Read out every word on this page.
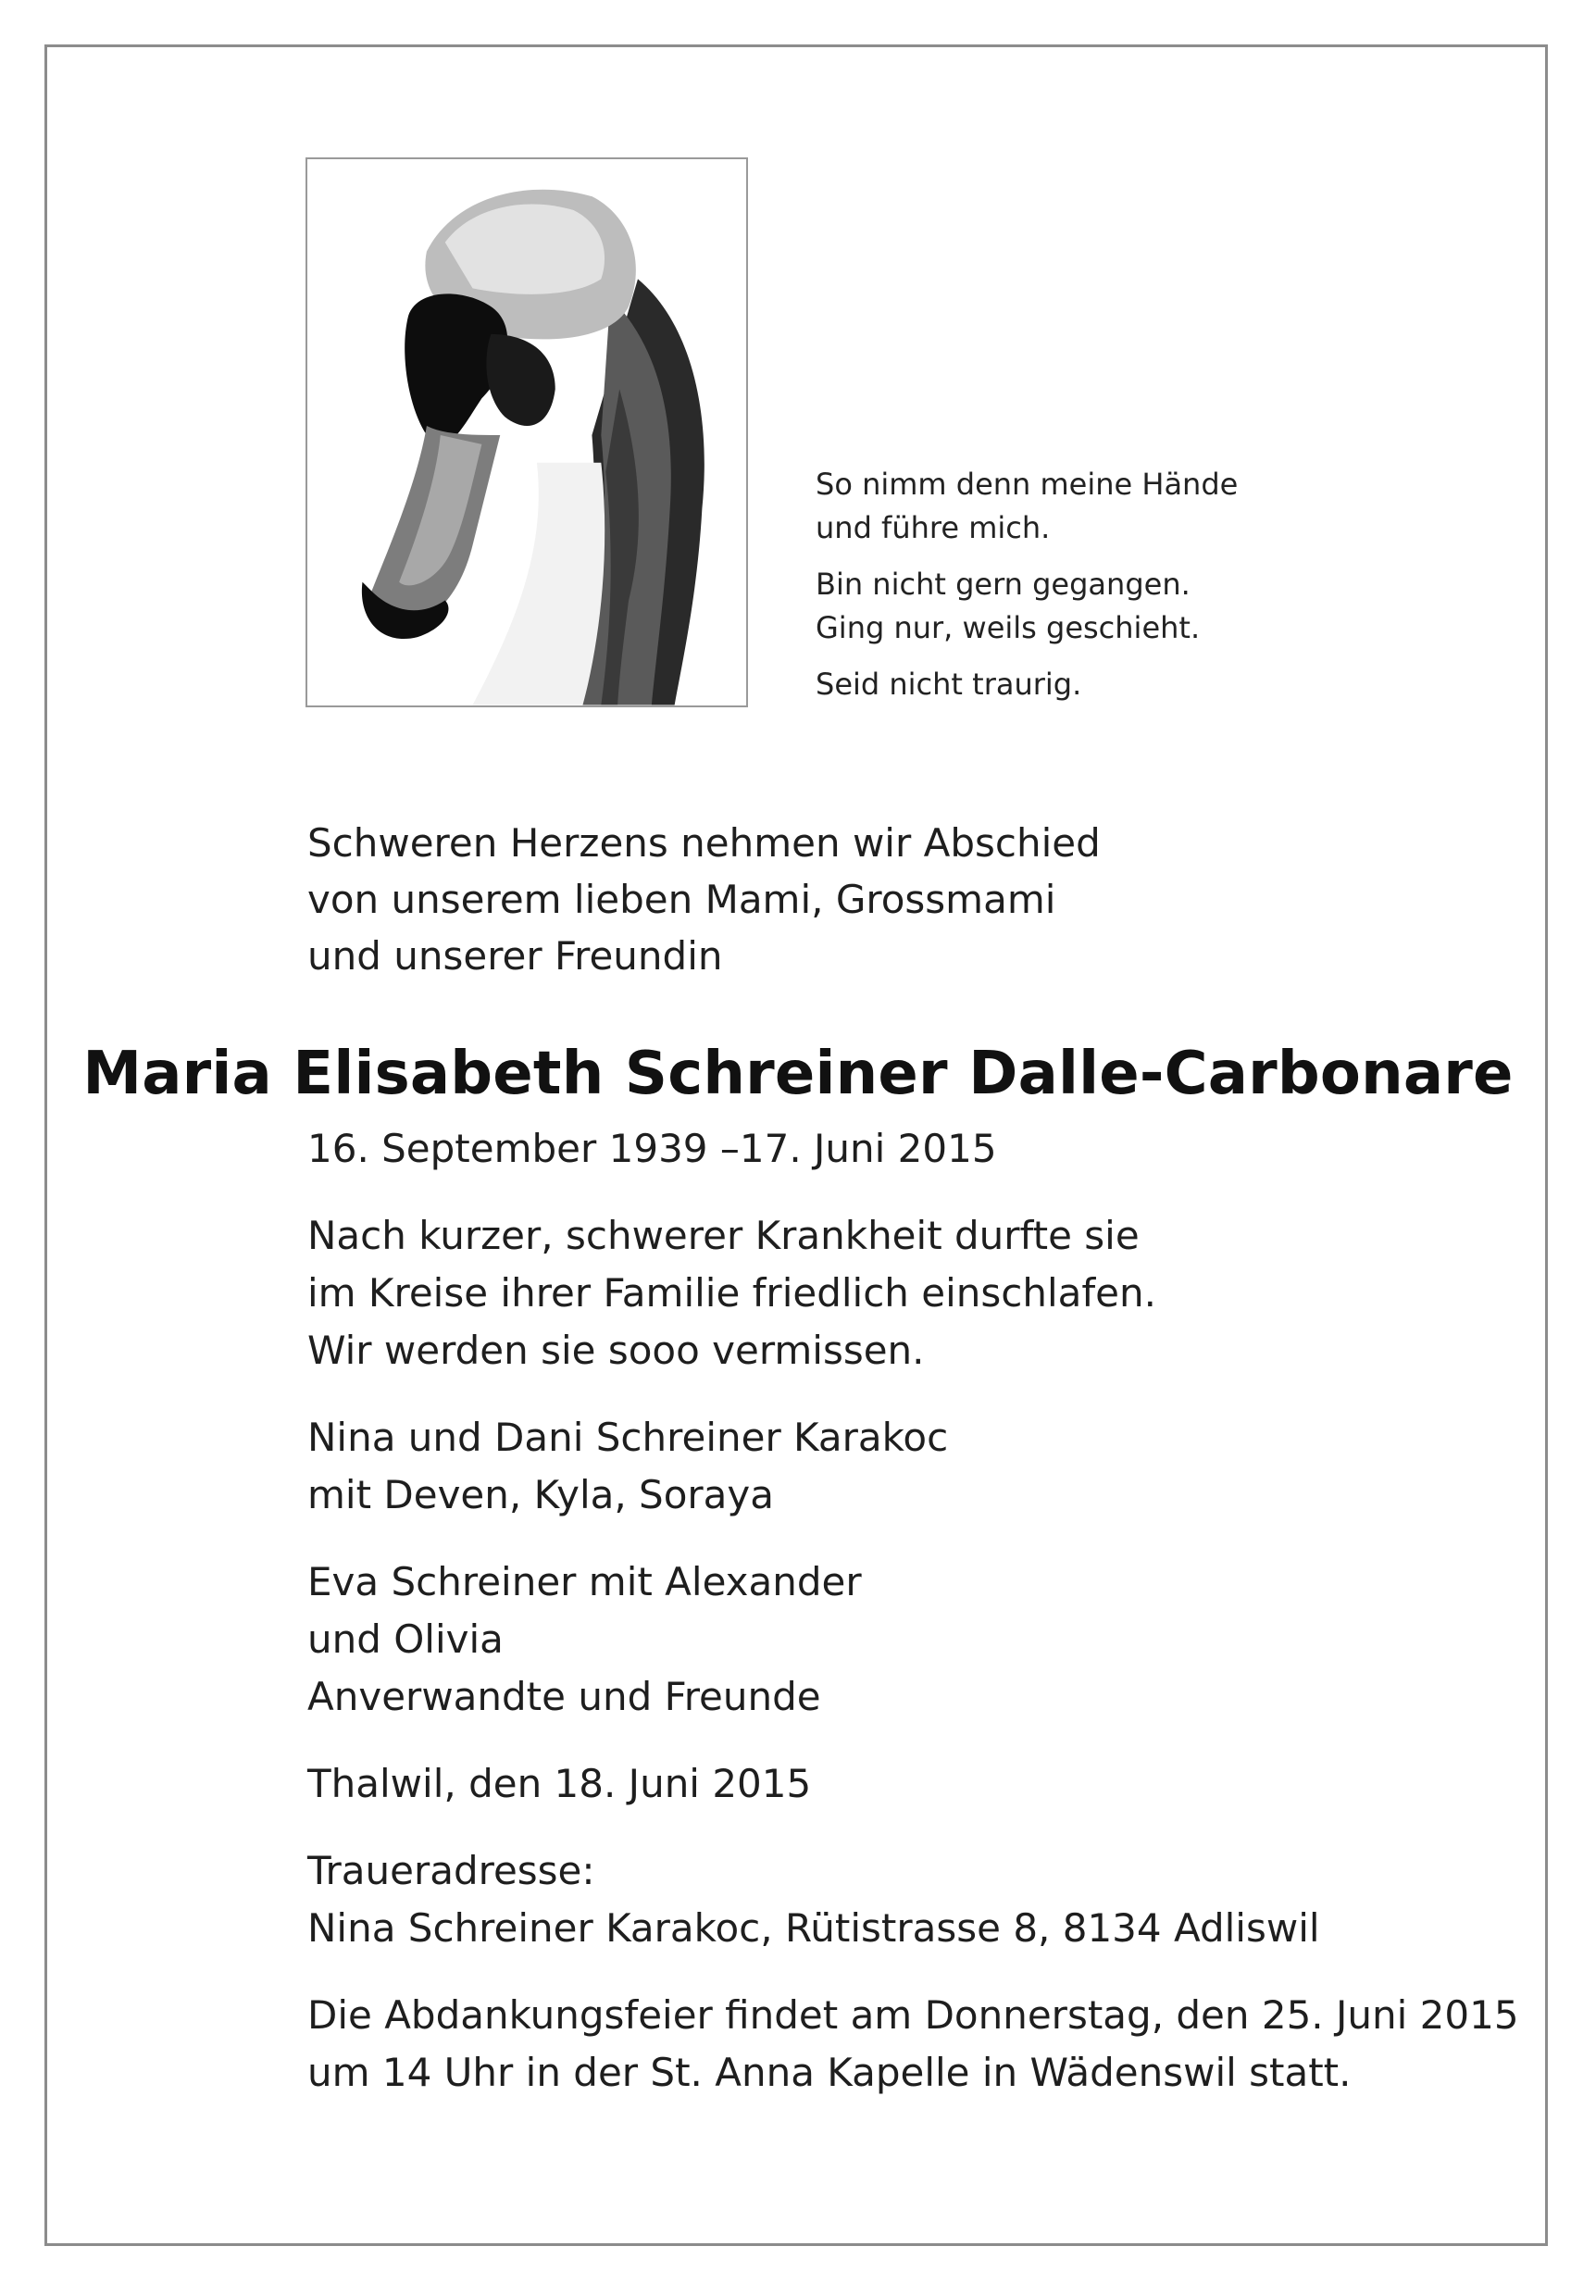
So nimm denn meine Hände
und führe mich.

Bin nicht gern gegangen.
Ging nur, weils geschieht.

Seid nicht traurig.

Schweren Herzens nehmen wir Abschied
von unserem lieben Mami, Grossmami
und unserer Freundin
Maria Elisabeth Schreiner Dalle-Carbonare

16. September 1939 –17. Juni 2015

Nach kurzer, schwerer Krankheit durfte sie
im Kreise ihrer Familie friedlich einschlafen.
Wir werden sie sooo vermissen.

Nina und Dani Schreiner Karakoc
mit Deven, Kyla, Soraya

Eva Schreiner mit Alexander
und Olivia
Anverwandte und Freunde

Thalwil, den 18. Juni 2015

Traueradresse:
Nina Schreiner Karakoc, Rütistrasse 8, 8134 Adliswil

Die Abdankungsfeier findet am Donnerstag, den 25. Juni 2015
um 14 Uhr in der St. Anna Kapelle in Wädenswil statt.
